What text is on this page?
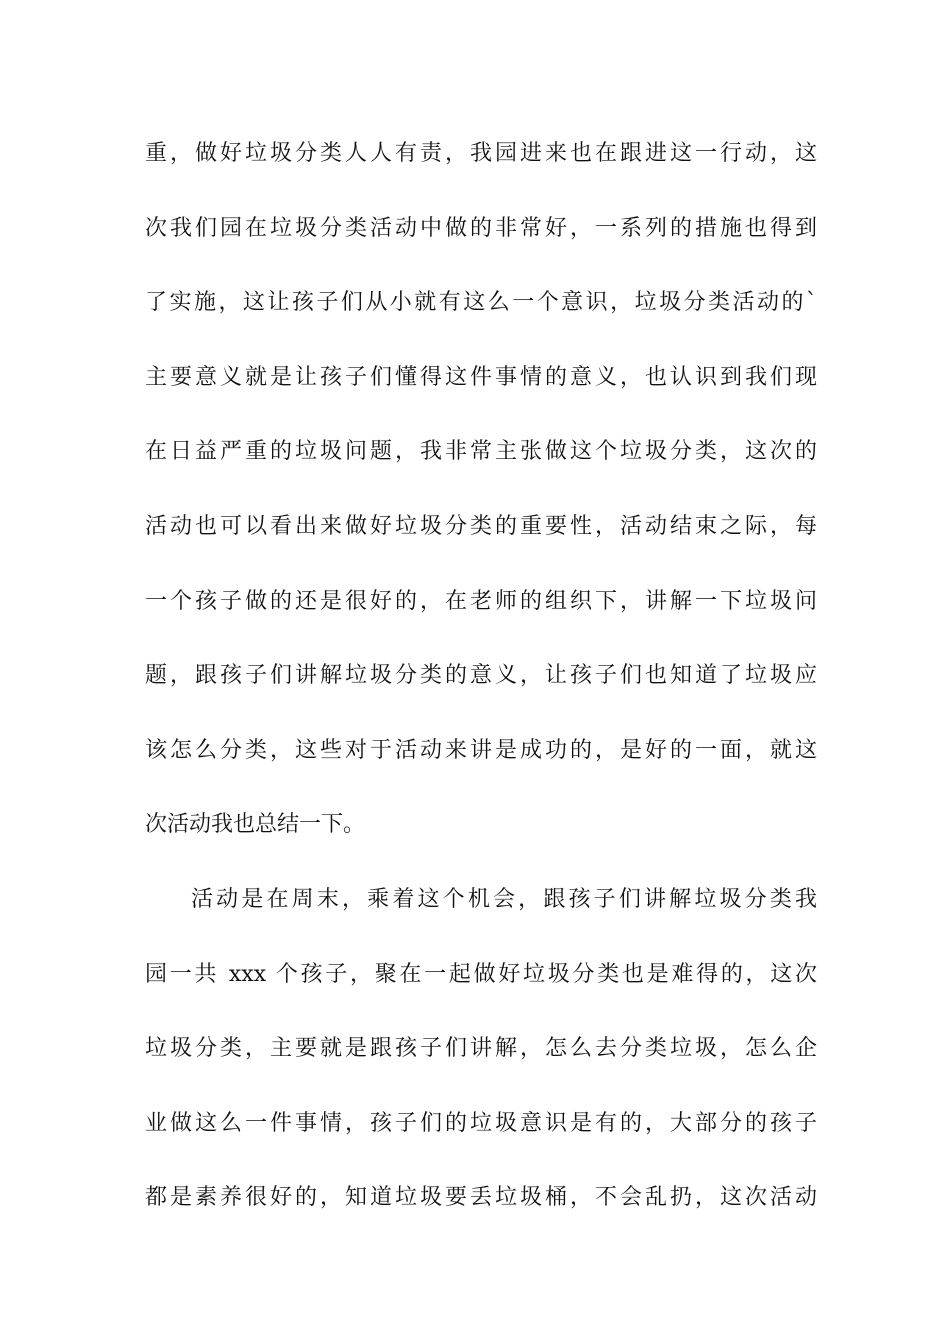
重，做好垃圾分类人人有责，我园进来也在跟进这一行动，这
次我们园在垃圾分类活动中做的非常好，一系列的措施也得到
了实施，这让孩子们从小就有这么一个意识，垃圾分类活动的`
主要意义就是让孩子们懂得这件事情的意义，也认识到我们现
在日益严重的垃圾问题，我非常主张做这个垃圾分类，这次的
活动也可以看出来做好垃圾分类的重要性，活动结束之际，每
一个孩子做的还是很好的，在老师的组织下，讲解一下垃圾问
题，跟孩子们讲解垃圾分类的意义，让孩子们也知道了垃圾应
该怎么分类，这些对于活动来讲是成功的，是好的一面，就这
次活动我也总结一下。
活动是在周末，乘着这个机会，跟孩子们讲解垃圾分类我
园一共 xxx 个孩子，聚在一起做好垃圾分类也是难得的，这次
垃圾分类，主要就是跟孩子们讲解，怎么去分类垃圾，怎么企
业做这么一件事情，孩子们的垃圾意识是有的，大部分的孩子
都是素养很好的，知道垃圾要丢垃圾桶，不会乱扔，这次活动
